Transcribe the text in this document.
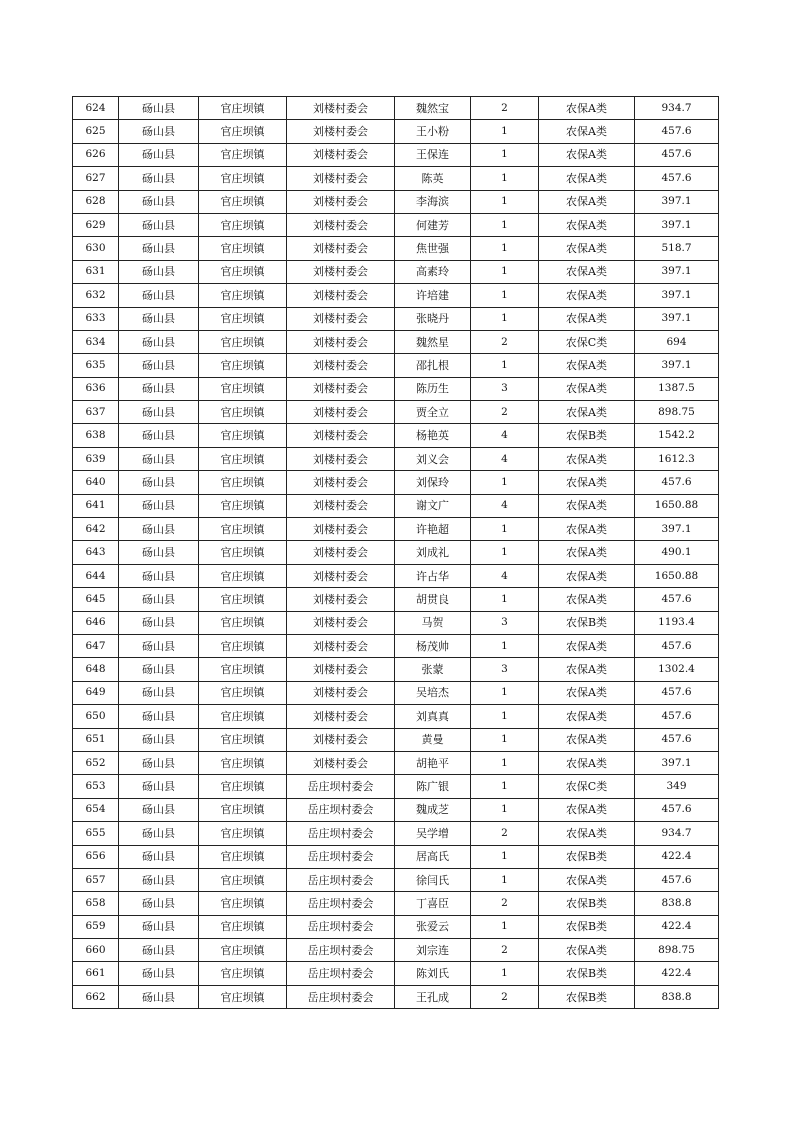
624	砀山县	官庄坝镇	刘楼村委会	魏然宝	2	农保A类	934.7
625	砀山县	官庄坝镇	刘楼村委会	王小粉	1	农保A类	457.6
626	砀山县	官庄坝镇	刘楼村委会	王保连	1	农保A类	457.6
627	砀山县	官庄坝镇	刘楼村委会	陈英	1	农保A类	457.6
628	砀山县	官庄坝镇	刘楼村委会	李海滨	1	农保A类	397.1
629	砀山县	官庄坝镇	刘楼村委会	何建芳	1	农保A类	397.1
630	砀山县	官庄坝镇	刘楼村委会	焦世强	1	农保A类	518.7
631	砀山县	官庄坝镇	刘楼村委会	高素玲	1	农保A类	397.1
632	砀山县	官庄坝镇	刘楼村委会	许培建	1	农保A类	397.1
633	砀山县	官庄坝镇	刘楼村委会	张晓丹	1	农保A类	397.1
634	砀山县	官庄坝镇	刘楼村委会	魏然星	2	农保C类	694
635	砀山县	官庄坝镇	刘楼村委会	邵扎根	1	农保A类	397.1
636	砀山县	官庄坝镇	刘楼村委会	陈历生	3	农保A类	1387.5
637	砀山县	官庄坝镇	刘楼村委会	贾全立	2	农保A类	898.75
638	砀山县	官庄坝镇	刘楼村委会	杨艳英	4	农保B类	1542.2
639	砀山县	官庄坝镇	刘楼村委会	刘义会	4	农保A类	1612.3
640	砀山县	官庄坝镇	刘楼村委会	刘保玲	1	农保A类	457.6
641	砀山县	官庄坝镇	刘楼村委会	谢文广	4	农保A类	1650.88
642	砀山县	官庄坝镇	刘楼村委会	许艳超	1	农保A类	397.1
643	砀山县	官庄坝镇	刘楼村委会	刘成礼	1	农保A类	490.1
644	砀山县	官庄坝镇	刘楼村委会	许占华	4	农保A类	1650.88
645	砀山县	官庄坝镇	刘楼村委会	胡贯良	1	农保A类	457.6
646	砀山县	官庄坝镇	刘楼村委会	马贺	3	农保B类	1193.4
647	砀山县	官庄坝镇	刘楼村委会	杨茂帅	1	农保A类	457.6
648	砀山县	官庄坝镇	刘楼村委会	张蒙	3	农保A类	1302.4
649	砀山县	官庄坝镇	刘楼村委会	吴培杰	1	农保A类	457.6
650	砀山县	官庄坝镇	刘楼村委会	刘真真	1	农保A类	457.6
651	砀山县	官庄坝镇	刘楼村委会	黄曼	1	农保A类	457.6
652	砀山县	官庄坝镇	刘楼村委会	胡艳平	1	农保A类	397.1
653	砀山县	官庄坝镇	岳庄坝村委会	陈广银	1	农保C类	349
654	砀山县	官庄坝镇	岳庄坝村委会	魏成芝	1	农保A类	457.6
655	砀山县	官庄坝镇	岳庄坝村委会	吴学增	2	农保A类	934.7
656	砀山县	官庄坝镇	岳庄坝村委会	居高氏	1	农保B类	422.4
657	砀山县	官庄坝镇	岳庄坝村委会	徐闫氏	1	农保A类	457.6
658	砀山县	官庄坝镇	岳庄坝村委会	丁喜臣	2	农保B类	838.8
659	砀山县	官庄坝镇	岳庄坝村委会	张爱云	1	农保B类	422.4
660	砀山县	官庄坝镇	岳庄坝村委会	刘宗连	2	农保A类	898.75
661	砀山县	官庄坝镇	岳庄坝村委会	陈刘氏	1	农保B类	422.4
662	砀山县	官庄坝镇	岳庄坝村委会	王孔成	2	农保B类	838.8
